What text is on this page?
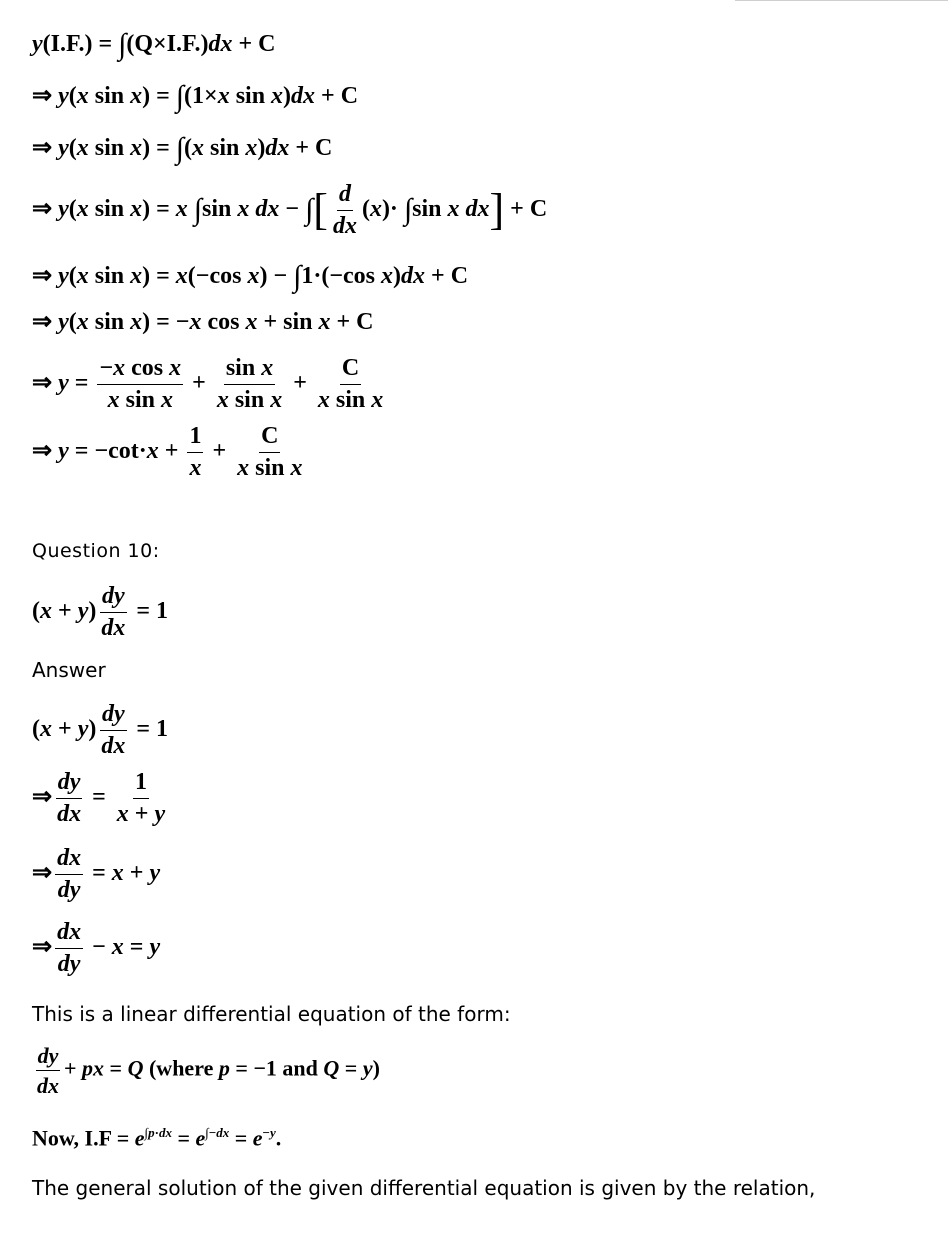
y(I.F.) = ∫(Q×I.F.)dx + C
⇒ y(x sin x) = ∫(1×x sin x)dx + C
⇒ y(x sin x) = ∫(x sin x)dx + C
⇒ y(x sin x) = x ∫sin x dx − ∫[ $\frac{d}{dx} (x)\cdot \int\sin$ x dx] + C
⇒ y(x sin x) = x(−cos x) − ∫1·(−cos x)dx + C
⇒ y(x sin x) = −x cos x + sin x + C
⇒ $y = \frac{\text{−x cos x}}{\text{x sin x}} + \frac{\text{sin x}}{\text{x sin x}} + \frac{C}{\text{x sin x}}$
⇒ $y = -\cot\cdot x + \frac{1}{x} + \frac{C}{\text{x sin x}}$
Question 10:
$(x + y) \frac{dy}{dx} = 1$
Answer
$(x + y) \frac{dy}{dx} = 1$
⇒ $\frac{dy}{dx} = \frac{1}{x + y}$
⇒ $\frac{dx}{dy} = x + y$
⇒ $\frac{dx}{dy} - x = y$
This is a linear differential equation of the form:
$\frac{dy}{dx}$ + px = Q (where p = −1 and Q = y)
Now, $I.F = e^{\int p\cdot dx} = e^{\int-dx} = e^{-y}$.
The general solution of the given differential equation is given by the relation,
